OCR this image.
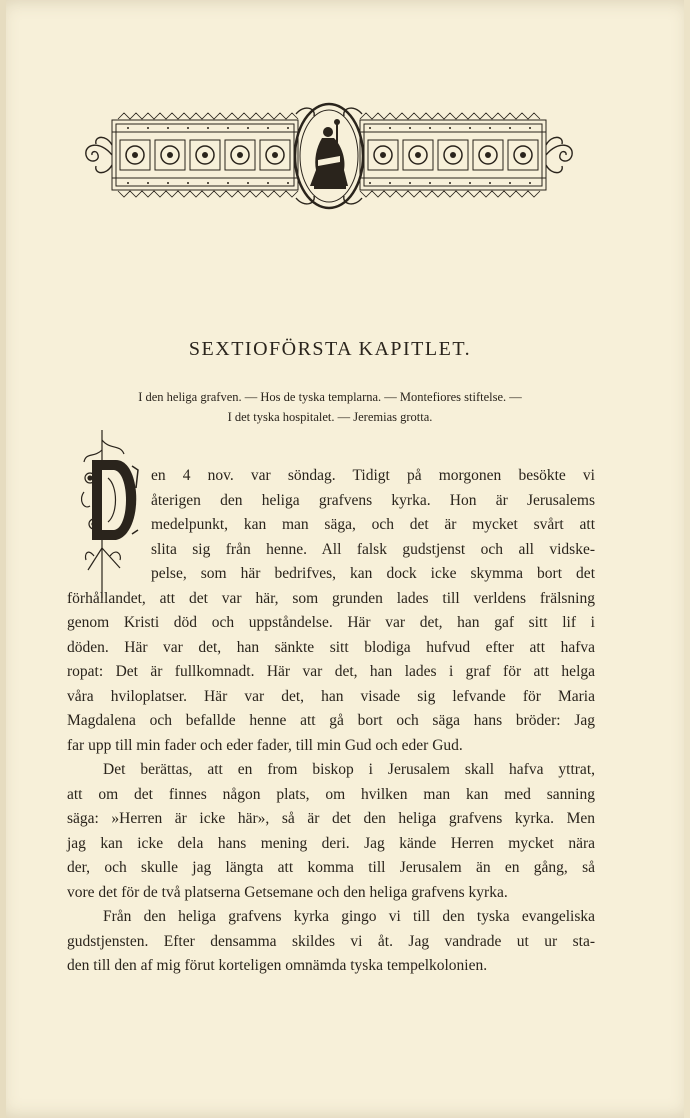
SEXTIOFÖRSTA KAPITLET.
I den heliga grafven. — Hos de tyska templarna. — Montefiores stiftelse. —
I det tyska hospitalet. — Jeremias grotta.
en 4 nov. var söndag. Tidigt på morgonen besökte vi
återigen den heliga grafvens kyrka. Hon är Jerusalems
medelpunkt, kan man säga, och det är mycket svårt att
slita sig från henne. All falsk gudstjenst och all vidske-
pelse, som här bedrifves, kan dock icke skymma bort det
förhållandet, att det var här, som grunden lades till verldens frälsning
genom Kristi död och uppståndelse. Här var det, han gaf sitt lif i
döden. Här var det, han sänkte sitt blodiga hufvud efter att hafva
ropat: Det är fullkomnadt. Här var det, han lades i graf för att helga
våra hviloplatser. Här var det, han visade sig lefvande för Maria
Magdalena och befallde henne att gå bort och säga hans bröder: Jag
far upp till min fader och eder fader, till min Gud och eder Gud.
Det berättas, att en from biskop i Jerusalem skall hafva yttrat,
att om det finnes någon plats, om hvilken man kan med sanning
säga: »Herren är icke här», så är det den heliga grafvens kyrka. Men
jag kan icke dela hans mening deri. Jag kände Herren mycket nära
der, och skulle jag längta att komma till Jerusalem än en gång, så
vore det för de två platserna Getsemane och den heliga grafvens kyrka.
Från den heliga grafvens kyrka gingo vi till den tyska evangeliska
gudstjensten. Efter densamma skildes vi åt. Jag vandrade ut ur sta-
den till den af mig förut korteligen omnämda tyska tempelkolonien.
